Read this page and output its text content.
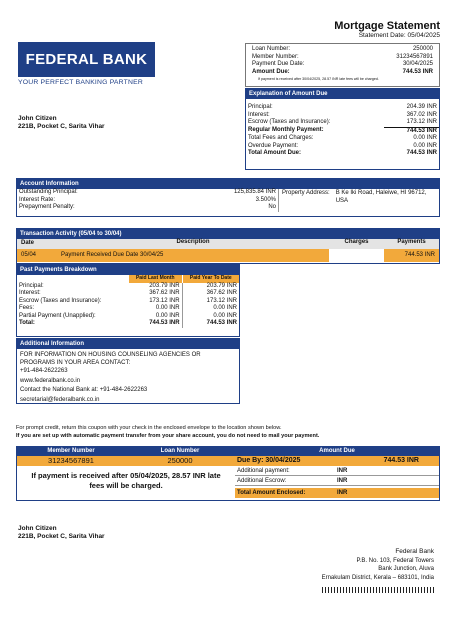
Mortgage Statement
Statement Date: 05/04/2025
FEDERAL BANK
YOUR PERFECT BANKING PARTNER
Loan Number:	250000
Member Number:	31234567891
Payment Due Date:	30/04/2025
Amount Due:	744.53 INR
If payment is received after 30/04/2025, 28.57 INR late fees will be charged.
John Citizen
221B, Pocket C, Sarita Vihar
Explanation of Amount Due
Principal:	204.39 INR
Interest:	367.02 INR
Escrow (Taxes and Insurance):	173.12 INR
Regular Monthly Payment:	744.53 INR
Total Fees and Charges:	0.00 INR
Overdue Payment:	0.00 INR
Total Amount Due:	744.53 INR
Account Information
Outstanding Principal:	125,835.84 INR
Interest Rate:	3.500%
Prepayment Penalty:	No
Property Address: B Ke Iki Road, Haleiwe, HI 96712, USA
Transaction Activity (05/04 to 30/04)
Date	Description	Charges	Payments
05/04	Payment Received Due Date 30/04/25		744.53 INR
Past Payments Breakdown
	Paid Last Month	Paid Year To Date
Principal:	203.79 INR	203.79 INR
Interest:	367.62 INR	367.62 INR
Escrow (Taxes and Insurance):	173.12 INR	173.12 INR
Fees:	0.00 INR	0.00 INR
Partial Payment (Unapplied):	0.00 INR	0.00 INR
Total:	744.53 INR	744.53 INR
Additional Information
FOR INFORMATION ON HOUSING COUNSELING AGENCIES OR PROGRAMS IN YOUR AREA CONTACT:
+91-484-2622263
www.federalbank.co.in
Contact the National Bank at: +91-484-2622263
secretarial@federalbank.co.in
For prompt credit, return this coupon with your check in the enclosed envelope to the location shown below.
If you are set up with automatic payment transfer from your share account, you do not need to mail your payment.
Member Number	Loan Number	Amount Due
31234567891	250000	Due By: 30/04/2025	744.53 INR
If payment is received after 05/04/2025, 28.57 INR late fees will be charged.
Additional payment:	INR
Additional Escrow:	INR
Total Amount Enclosed:	INR
John Citizen
221B, Pocket C, Sarita Vihar
Federal Bank
P.B. No. 103, Federal Towers
Bank Junction, Aluva
Ernakulam District, Kerala – 683101, India
